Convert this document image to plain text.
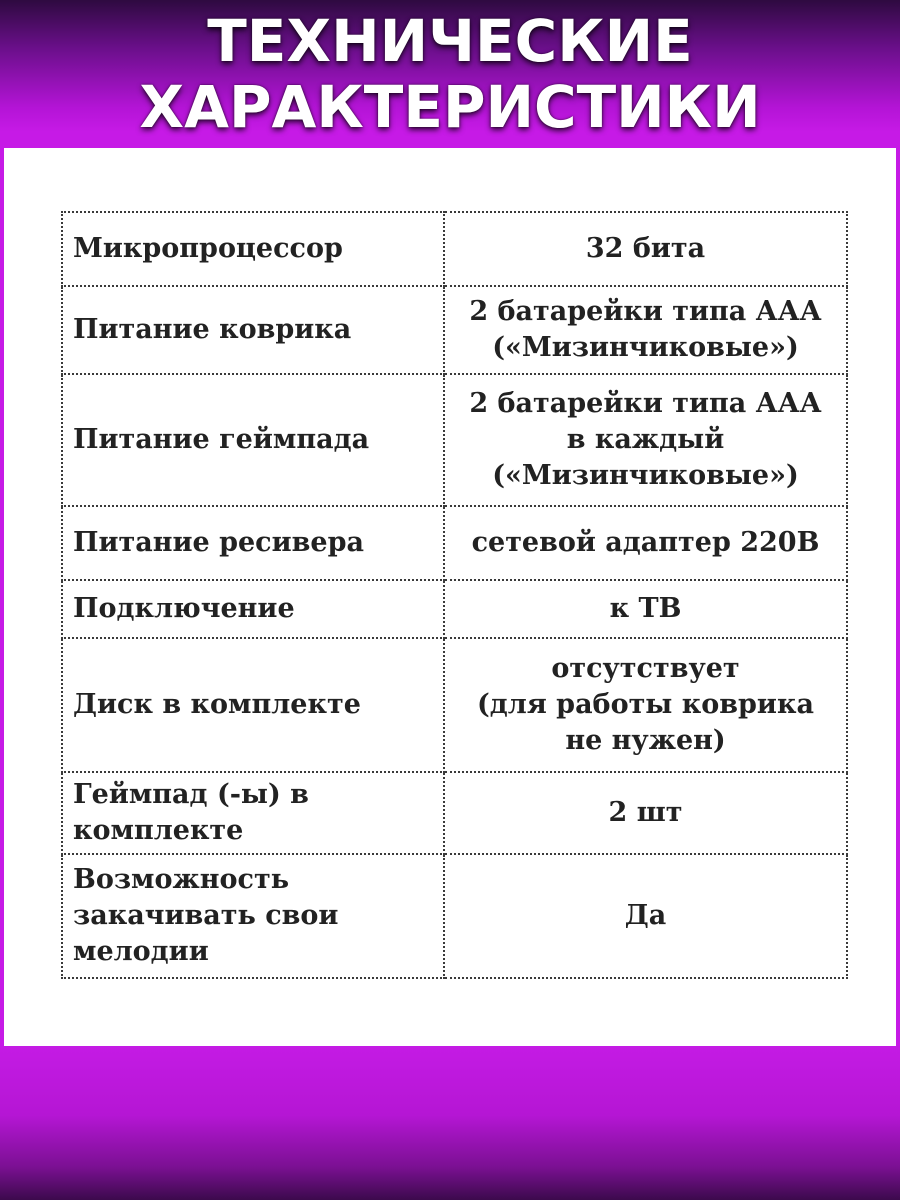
ТЕХНИЧЕСКИЕ
ХАРАКТЕРИСТИКИ
Микропроцессор	32 бита

Питание коврика	2 батарейки типа ААА
(«Мизинчиковые»)

Питание геймпада	2 батарейки типа ААА
в каждый
(«Мизинчиковые»)

Питание ресивера	сетевой адаптер 220В

Подключение	к ТВ

Диск в комплекте	отсутствует
(для работы коврика
не нужен)

Геймпад (-ы) в
комплекте	2 шт

Возможность
закачивать свои
мелодии	Да
